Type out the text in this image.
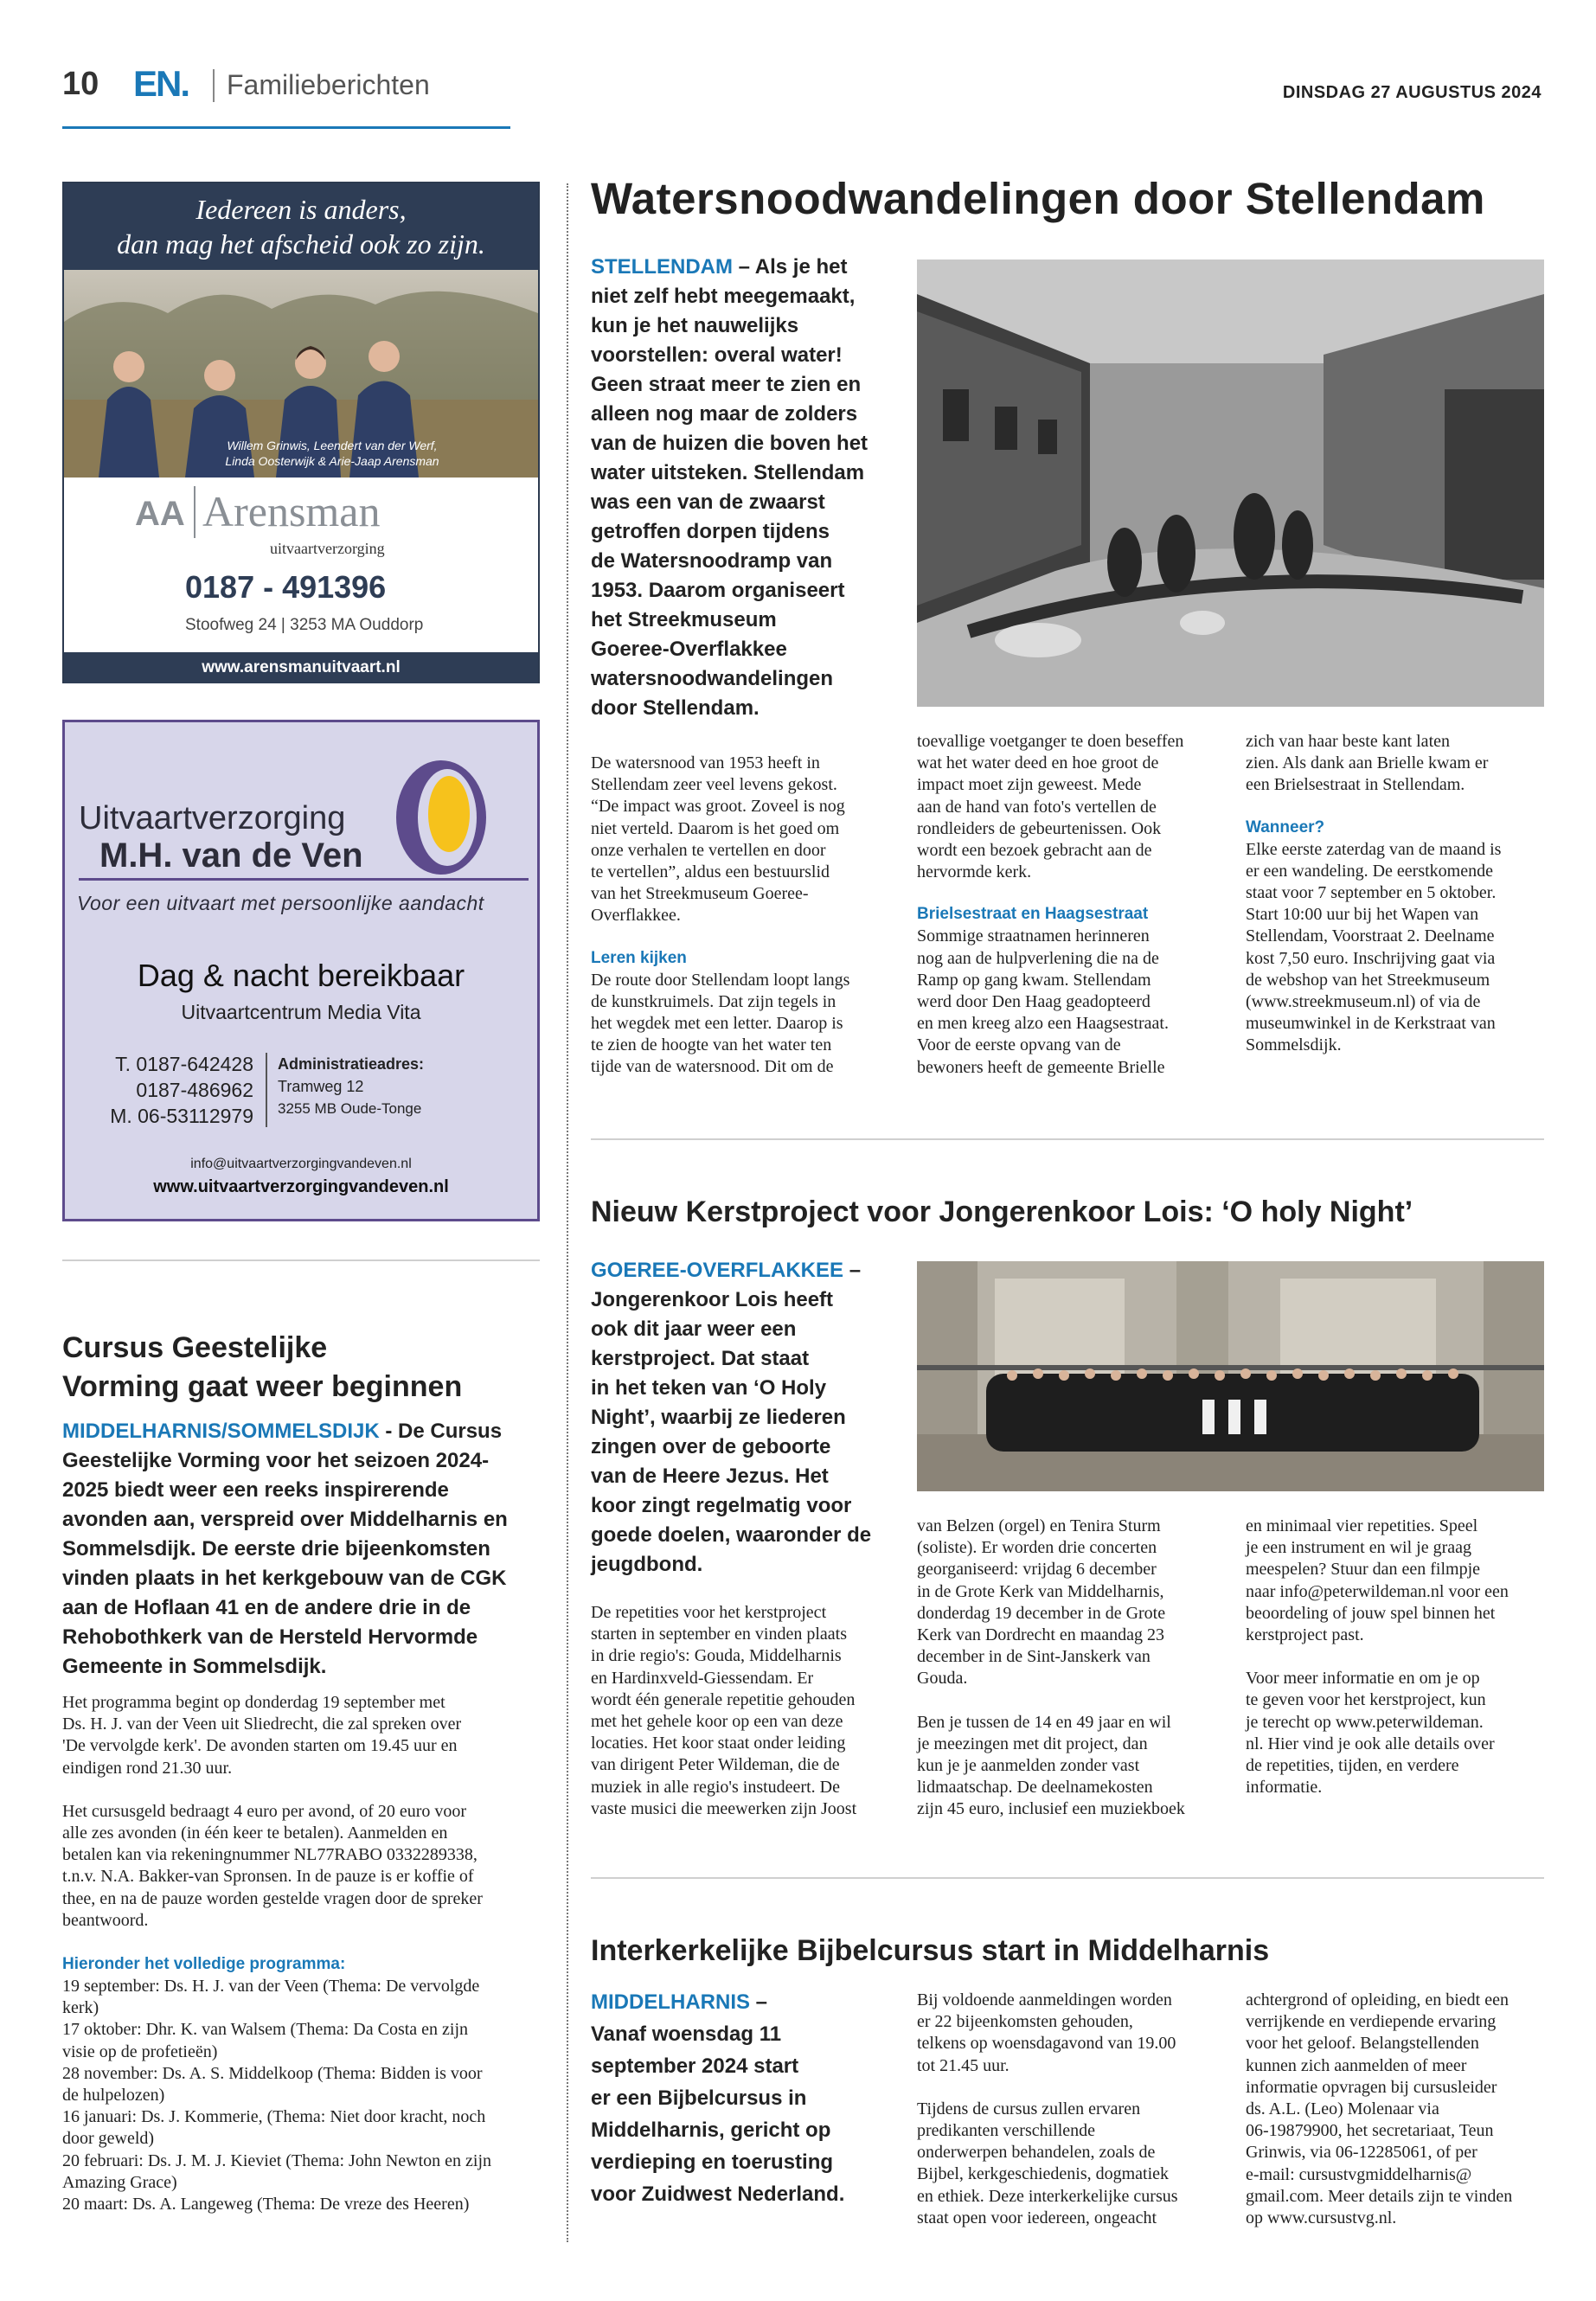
10 EN. Familieberichten	DINSDAG 27 AUGUSTUS 2024
Iedereen is anders,
dan mag het afscheid ook zo zijn.
Willem Grinwis, Leendert van der Werf,
Linda Oosterwijk & Arie-Jaap Arensman
AA Arensman
uitvaartverzorging
0187 - 491396
Stoofweg 24 | 3253 MA Ouddorp
www.arensmanuitvaart.nl
Uitvaartverzorging
M.H. van de Ven
Voor een uitvaart met persoonlijke aandacht
Dag & nacht bereikbaar
Uitvaartcentrum Media Vita
T. 0187-642428
0187-486962
M. 06-53112979
Administratieadres:
Tramweg 12
3255 MB Oude-Tonge
info@uitvaartverzorgingvandeven.nl
www.uitvaartverzorgingvandeven.nl
Cursus Geestelijke
Vorming gaat weer beginnen
MIDDELHARNIS/SOMMELSDIJK - De Cursus
Geestelijke Vorming voor het seizoen 2024-
2025 biedt weer een reeks inspirerende
avonden aan, verspreid over Middelharnis en
Sommelsdijk. De eerste drie bijeenkomsten
vinden plaats in het kerkgebouw van de CGK
aan de Hoflaan 41 en de andere drie in de
Rehobothkerk van de Hersteld Hervormde
Gemeente in Sommelsdijk.
Het programma begint op donderdag 19 september met
Ds. H. J. van der Veen uit Sliedrecht, die zal spreken over
'De vervolgde kerk'. De avonden starten om 19.45 uur en
eindigen rond 21.30 uur.
Het cursusgeld bedraagt 4 euro per avond, of 20 euro voor
alle zes avonden (in één keer te betalen). Aanmelden en
betalen kan via rekeningnummer NL77RABO 0332289338,
t.n.v. N.A. Bakker-van Spronsen. In de pauze is er koffie of
thee, en na de pauze worden gestelde vragen door de spreker
beantwoord.
Hieronder het volledige programma:
19 september: Ds. H. J. van der Veen (Thema: De vervolgde
kerk)
17 oktober: Dhr. K. van Walsem (Thema: Da Costa en zijn
visie op de profetieën)
28 november: Ds. A. S. Middelkoop (Thema: Bidden is voor
de hulpelozen)
16 januari: Ds. J. Kommerie, (Thema: Niet door kracht, noch
door geweld)
20 februari: Ds. J. M. J. Kieviet (Thema: John Newton en zijn
Amazing Grace)
20 maart: Ds. A. Langeweg (Thema: De vreze des Heeren)
Watersnoodwandelingen door Stellendam
STELLENDAM – Als je het
niet zelf hebt meegemaakt,
kun je het nauwelijks
voorstellen: overal water!
Geen straat meer te zien en
alleen nog maar de zolders
van de huizen die boven het
water uitsteken. Stellendam
was een van de zwaarst
getroffen dorpen tijdens
de Watersnoodramp van
1953. Daarom organiseert
het Streekmuseum
Goeree-Overflakkee
watersnoodwandelingen
door Stellendam.
De watersnood van 1953 heeft in
Stellendam zeer veel levens gekost.
“De impact was groot. Zoveel is nog
niet verteld. Daarom is het goed om
onze verhalen te vertellen en door
te vertellen”, aldus een bestuurslid
van het Streekmuseum Goeree-
Overflakkee.
Leren kijken
De route door Stellendam loopt langs
de kunstkruimels. Dat zijn tegels in
het wegdek met een letter. Daarop is
te zien de hoogte van het water ten
tijde van de watersnood. Dit om de
toevallige voetganger te doen beseffen
wat het water deed en hoe groot de
impact moet zijn geweest. Mede
aan de hand van foto's vertellen de
rondleiders de gebeurtenissen. Ook
wordt een bezoek gebracht aan de
hervormde kerk.
Brielsestraat en Haagsestraat
Sommige straatnamen herinneren
nog aan de hulpverlening die na de
Ramp op gang kwam. Stellendam
werd door Den Haag geadopteerd
en men kreeg alzo een Haagsestraat.
Voor de eerste opvang van de
bewoners heeft de gemeente Brielle
zich van haar beste kant laten
zien. Als dank aan Brielle kwam er
een Brielsestraat in Stellendam.
Wanneer?
Elke eerste zaterdag van de maand is
er een wandeling. De eerstkomende
staat voor 7 september en 5 oktober.
Start 10:00 uur bij het Wapen van
Stellendam, Voorstraat 2. Deelname
kost 7,50 euro. Inschrijving gaat via
de webshop van het Streekmuseum
(www.streekmuseum.nl) of via de
museumwinkel in de Kerkstraat van
Sommelsdijk.
Nieuw Kerstproject voor Jongerenkoor Lois: ‘O holy Night’
GOEREE-OVERFLAKKEE –
Jongerenkoor Lois heeft
ook dit jaar weer een
kerstproject. Dat staat
in het teken van ‘O Holy
Night’, waarbij ze liederen
zingen over de geboorte
van de Heere Jezus. Het
koor zingt regelmatig voor
goede doelen, waaronder de
jeugdbond.
De repetities voor het kerstproject
starten in september en vinden plaats
in drie regio's: Gouda, Middelharnis
en Hardinxveld-Giessendam. Er
wordt één generale repetitie gehouden
met het gehele koor op een van deze
locaties. Het koor staat onder leiding
van dirigent Peter Wildeman, die de
muziek in alle regio's instudeert. De
vaste musici die meewerken zijn Joost
van Belzen (orgel) en Tenira Sturm
(soliste). Er worden drie concerten
georganiseerd: vrijdag 6 december
in de Grote Kerk van Middelharnis,
donderdag 19 december in de Grote
Kerk van Dordrecht en maandag 23
december in de Sint-Janskerk van
Gouda.
Ben je tussen de 14 en 49 jaar en wil
je meezingen met dit project, dan
kun je je aanmelden zonder vast
lidmaatschap. De deelnamekosten
zijn 45 euro, inclusief een muziekboek
en minimaal vier repetities. Speel
je een instrument en wil je graag
meespelen? Stuur dan een filmpje
naar info@peterwildeman.nl voor een
beoordeling of jouw spel binnen het
kerstproject past.
Voor meer informatie en om je op
te geven voor het kerstproject, kun
je terecht op www.peterwildeman.
nl. Hier vind je ook alle details over
de repetities, tijden, en verdere
informatie.
Interkerkelijke Bijbelcursus start in Middelharnis
MIDDELHARNIS –
Vanaf woensdag 11
september 2024 start
er een Bijbelcursus in
Middelharnis, gericht op
verdieping en toerusting
voor Zuidwest Nederland.
Bij voldoende aanmeldingen worden
er 22 bijeenkomsten gehouden,
telkens op woensdagavond van 19.00
tot 21.45 uur.
Tijdens de cursus zullen ervaren
predikanten verschillende
onderwerpen behandelen, zoals de
Bijbel, kerkgeschiedenis, dogmatiek
en ethiek. Deze interkerkelijke cursus
staat open voor iedereen, ongeacht
achtergrond of opleiding, en biedt een
verrijkende en verdiepende ervaring
voor het geloof. Belangstellenden
kunnen zich aanmelden of meer
informatie opvragen bij cursusleider
ds. A.L. (Leo) Molenaar via
06-19879900, het secretariaat, Teun
Grinwis, via 06-12285061, of per
e-mail: cursustvgmiddelharnis@
gmail.com. Meer details zijn te vinden
op www.cursustvg.nl.
